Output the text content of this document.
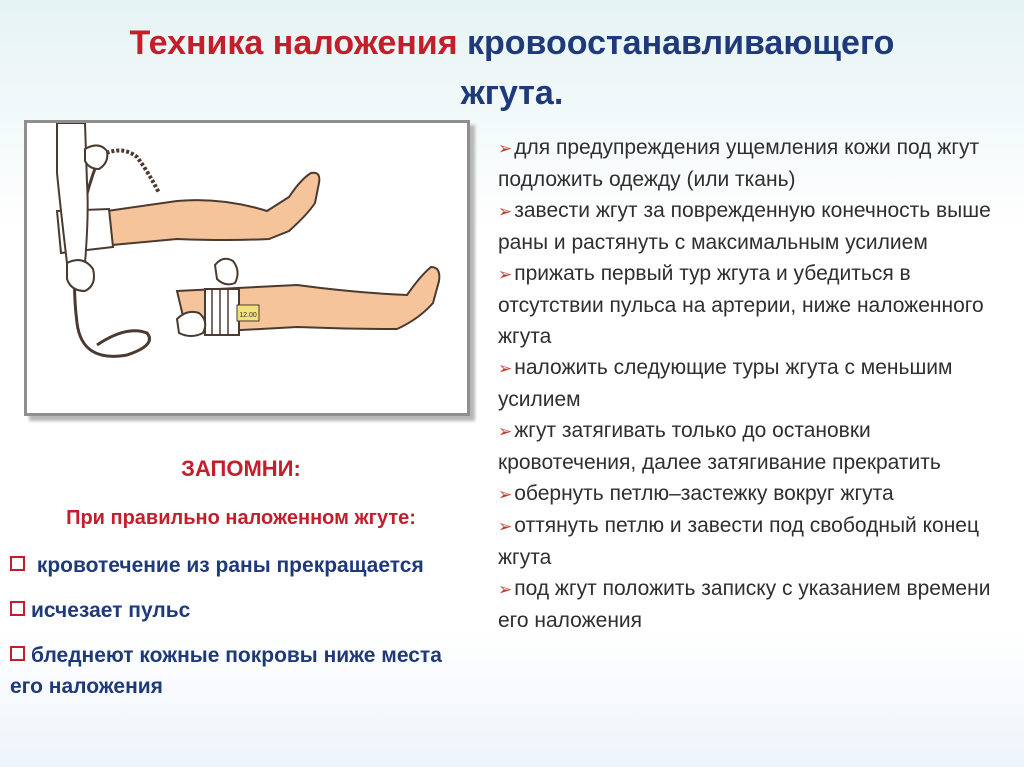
Техника наложения кровоостанавливающего
жгута.
12.00
➢для предупреждения ущемления кожи под жгут подложить одежду (или ткань)
➢завести жгут за поврежденную конечность выше раны и растянуть с максимальным усилием
➢прижать первый тур жгута и убедиться в отсутствии пульса на артерии, ниже наложенного жгута
➢наложить следующие туры жгута с меньшим усилием
➢жгут затягивать только до остановки кровотечения, далее затягивание прекратить
➢обернуть петлю–застежку вокруг жгута
➢оттянуть петлю и завести под свободный конец жгута
➢под жгут положить записку с указанием времени его наложения
ЗАПОМНИ:
При правильно наложенном жгуте:
кровотечение из раны прекращается
исчезает пульс
бледнеют кожные покровы ниже места его наложения
